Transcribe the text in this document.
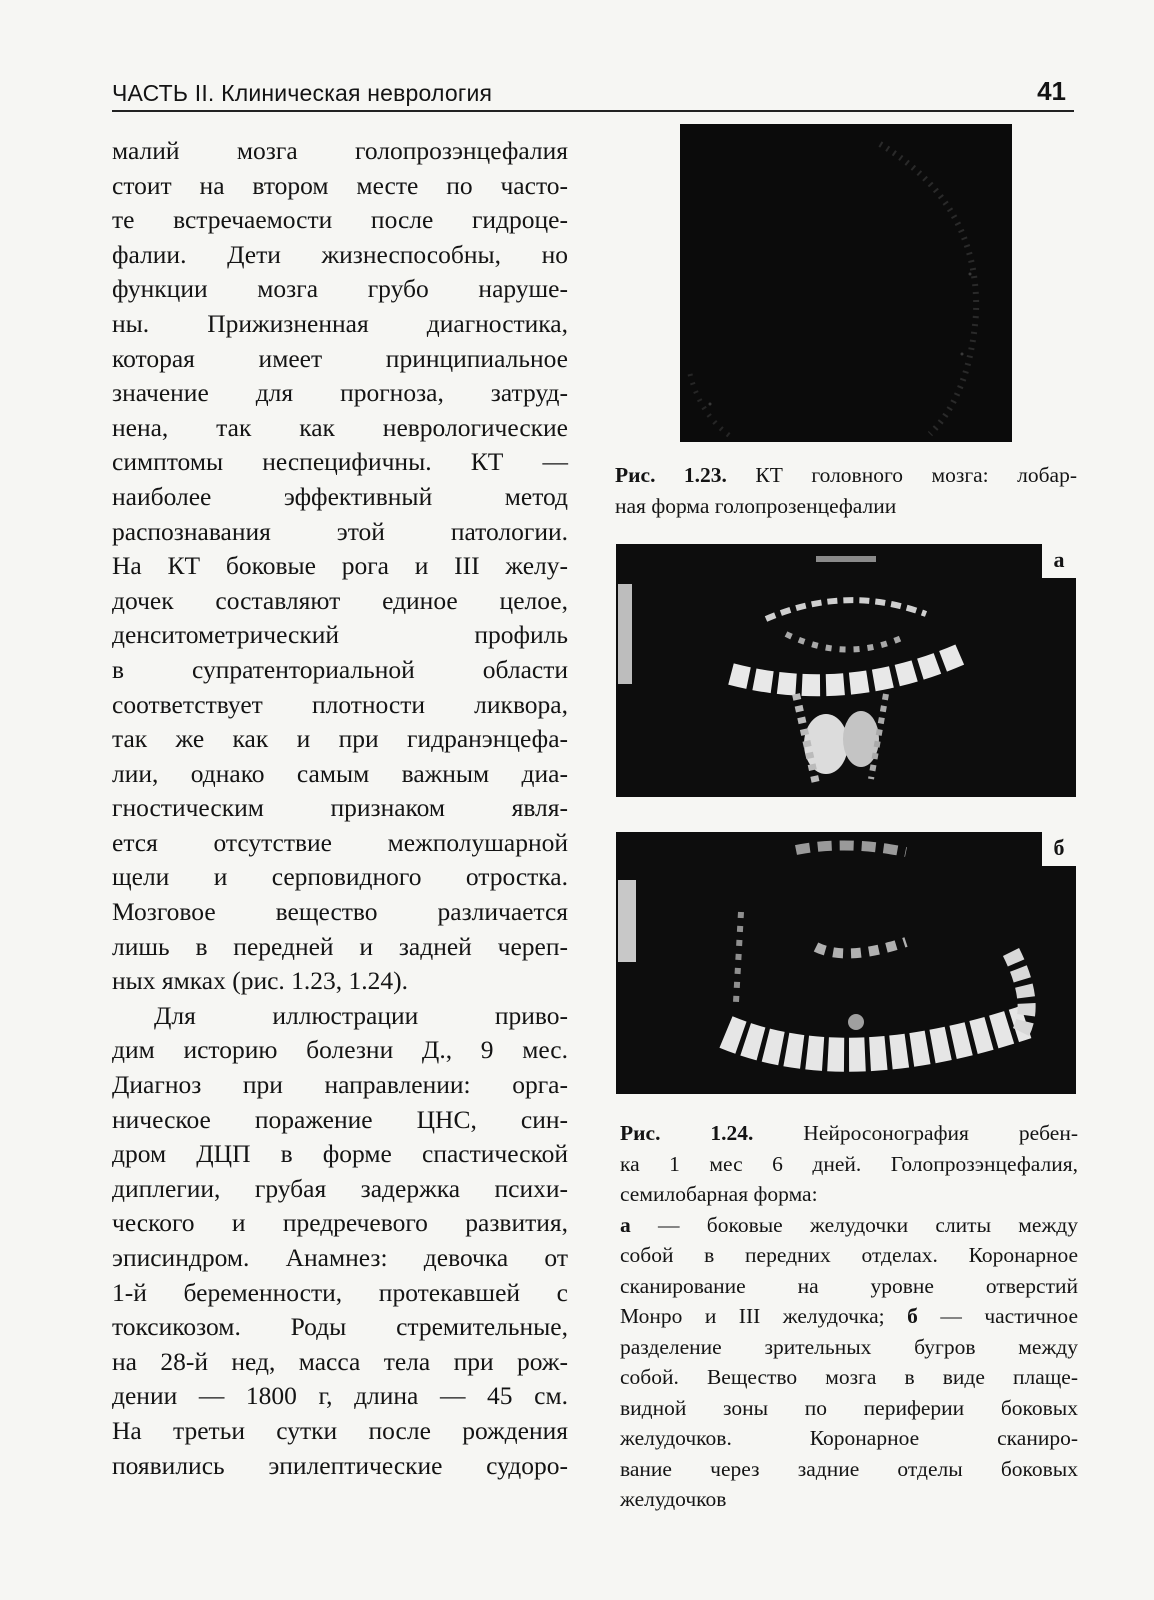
ЧАСТЬ II. Клиническая неврология	41

малий мозга голопрозэнцефалия

стоит на втором месте по часто-

те встречаемости после гидроце-

фалии. Дети жизнеспособны, но

функции мозга грубо наруше-

ны. Прижизненная диагностика,

которая имеет принципиальное

значение для прогноза, затруд-

нена, так как неврологические

симптомы неспецифичны. КТ —

наиболее эффективный метод

распознавания этой патологии.

На КТ боковые рога и III желу-

дочек составляют единое целое,

денситометрический профиль

в супратенториальной области

соответствует плотности ликвора,

так же как и при гидранэнцефа-

лии, однако самым важным диа-

гностическим признаком явля-

ется отсутствие межполушарной

щели и серповидного отростка.

Мозговое вещество различается

лишь в передней и задней череп-

ных ямках (рис. 1.23, 1.24).

Для иллюстрации приво-

дим историю болезни Д., 9 мес.

Диагноз при направлении: орга-

ническое поражение ЦНС, син-

дром ДЦП в форме спастической

диплегии, грубая задержка психи-

ческого и предречевого развития,

эписиндром. Анамнез: девочка от

1-й беременности, протекавшей с

токсикозом. Роды стремительные,

на 28-й нед, масса тела при рож-

дении — 1800 г, длина — 45 см.

На третьи сутки после рождения

появились эпилептические судоро-

Рис. 1.23. КТ головного мозга: лобар-

ная форма голопрозенцефалии

а
б

Рис. 1.24. Нейросонография ребен-

ка 1 мес 6 дней. Голопрозэнцефалия,

семилобарная форма:

а — боковые желудочки слиты между

собой в передних отделах. Коронарное

сканирование на уровне отверстий

Монро и III желудочка; б — частичное

разделение зрительных бугров между

собой. Вещество мозга в виде плаще-

видной зоны по периферии боковых

желудочков. Коронарное сканиро-

вание через задние отделы боковых

желудочков
